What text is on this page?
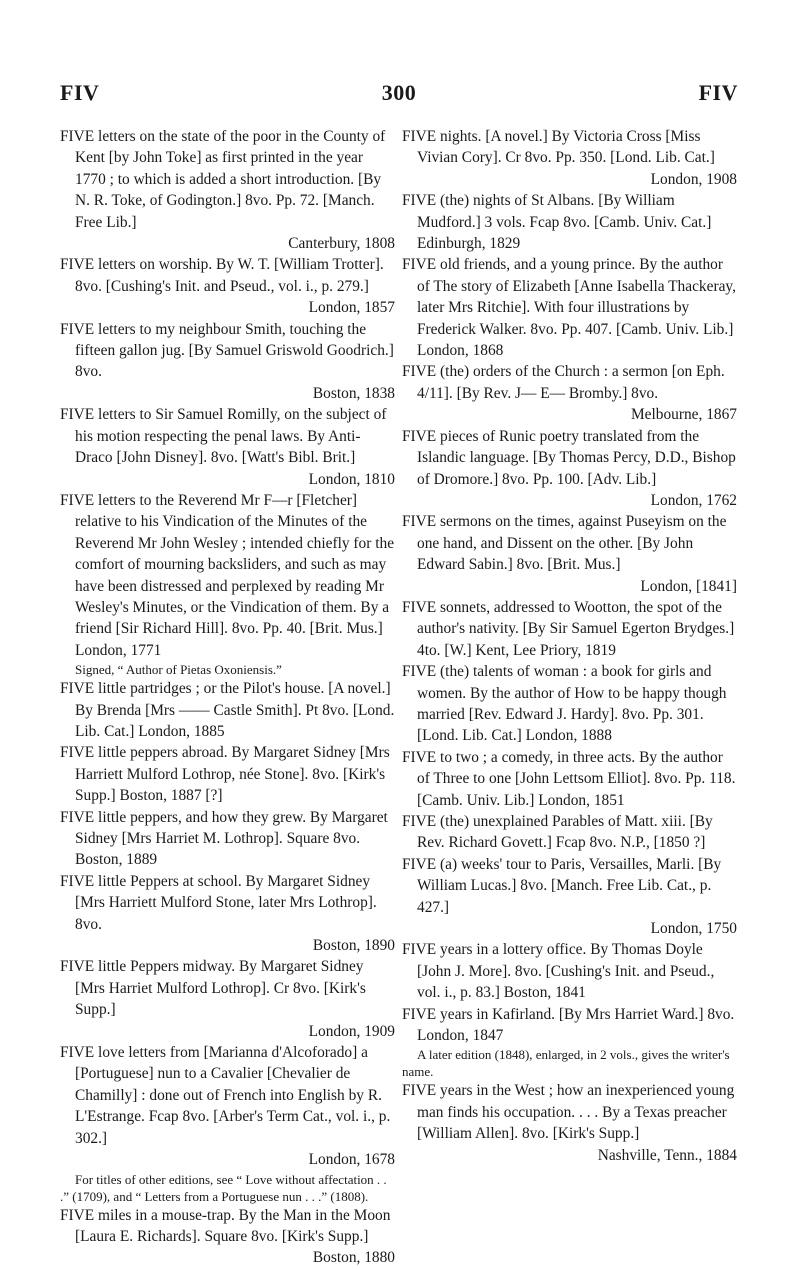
FIV	300	FIV
FIVE letters on the state of the poor in the County of Kent [by John Toke] as first printed in the year 1770 ; to which is added a short introduction. [By N. R. Toke, of Godington.] 8vo. Pp. 72. [Manch. Free Lib.]
Canterbury, 1808
FIVE letters on worship. By W. T. [William Trotter]. 8vo. [Cushing's Init. and Pseud., vol. i., p. 279.]
London, 1857
FIVE letters to my neighbour Smith, touching the fifteen gallon jug. [By Samuel Griswold Goodrich.] 8vo.
Boston, 1838
FIVE letters to Sir Samuel Romilly, on the subject of his motion respecting the penal laws. By Anti-Draco [John Disney]. 8vo. [Watt's Bibl. Brit.]
London, 1810
FIVE letters to the Reverend Mr F—r [Fletcher] relative to his Vindication of the Minutes of the Reverend Mr John Wesley ; intended chiefly for the comfort of mourning backsliders, and such as may have been distressed and perplexed by reading Mr Wesley's Minutes, or the Vindication of them. By a friend [Sir Richard Hill]. 8vo. Pp. 40. [Brit. Mus.] London, 1771

Signed, “ Author of Pietas Oxoniensis.”

FIVE little partridges ; or the Pilot's house. [A novel.] By Brenda [Mrs —— Castle Smith]. Pt 8vo. [Lond. Lib. Cat.] London, 1885
FIVE little peppers abroad. By Margaret Sidney [Mrs Harriett Mulford Lothrop, née Stone]. 8vo. [Kirk's Supp.] Boston, 1887 [?]
FIVE little peppers, and how they grew. By Margaret Sidney [Mrs Harriet M. Lothrop]. Square 8vo. Boston, 1889
FIVE little Peppers at school. By Margaret Sidney [Mrs Harriett Mulford Stone, later Mrs Lothrop]. 8vo.
Boston, 1890
FIVE little Peppers midway. By Margaret Sidney [Mrs Harriet Mulford Lothrop]. Cr 8vo. [Kirk's Supp.]
London, 1909
FIVE love letters from [Marianna d'Alcoforado] a [Portuguese] nun to a Cavalier [Chevalier de Chamilly] : done out of French into English by R. L'Estrange. Fcap 8vo. [Arber's Term Cat., vol. i., p. 302.]
London, 1678

For titles of other editions, see “ Love without affectation . . .” (1709), and “ Letters from a Portuguese nun . . .” (1808).

FIVE miles in a mouse-trap. By the Man in the Moon [Laura E. Richards]. Square 8vo. [Kirk's Supp.]
Boston, 1880
FIVE nights. [A novel.] By Victoria Cross [Miss Vivian Cory]. Cr 8vo. Pp. 350. [Lond. Lib. Cat.]
London, 1908
FIVE (the) nights of St Albans. [By William Mudford.] 3 vols. Fcap 8vo. [Camb. Univ. Cat.] Edinburgh, 1829
FIVE old friends, and a young prince. By the author of The story of Elizabeth [Anne Isabella Thackeray, later Mrs Ritchie]. With four illustrations by Frederick Walker. 8vo. Pp. 407. [Camb. Univ. Lib.] London, 1868
FIVE (the) orders of the Church : a sermon [on Eph. 4/11]. [By Rev. J— E— Bromby.] 8vo.
Melbourne, 1867
FIVE pieces of Runic poetry translated from the Islandic language. [By Thomas Percy, D.D., Bishop of Dromore.] 8vo. Pp. 100. [Adv. Lib.]
London, 1762
FIVE sermons on the times, against Puseyism on the one hand, and Dissent on the other. [By John Edward Sabin.] 8vo. [Brit. Mus.]
London, [1841]
FIVE sonnets, addressed to Wootton, the spot of the author's nativity. [By Sir Samuel Egerton Brydges.] 4to. [W.] Kent, Lee Priory, 1819
FIVE (the) talents of woman : a book for girls and women. By the author of How to be happy though married [Rev. Edward J. Hardy]. 8vo. Pp. 301. [Lond. Lib. Cat.] London, 1888
FIVE to two ; a comedy, in three acts. By the author of Three to one [John Lettsom Elliot]. 8vo. Pp. 118. [Camb. Univ. Lib.] London, 1851
FIVE (the) unexplained Parables of Matt. xiii. [By Rev. Richard Govett.] Fcap 8vo. N.P., [1850 ?]
FIVE (a) weeks' tour to Paris, Versailles, Marli. [By William Lucas.] 8vo. [Manch. Free Lib. Cat., p. 427.]
London, 1750
FIVE years in a lottery office. By Thomas Doyle [John J. More]. 8vo. [Cushing's Init. and Pseud., vol. i., p. 83.] Boston, 1841
FIVE years in Kafirland. [By Mrs Harriet Ward.] 8vo. London, 1847

A later edition (1848), enlarged, in 2 vols., gives the writer's name.

FIVE years in the West ; how an inexperienced young man finds his occupation. . . . By a Texas preacher [William Allen]. 8vo. [Kirk's Supp.]
Nashville, Tenn., 1884
